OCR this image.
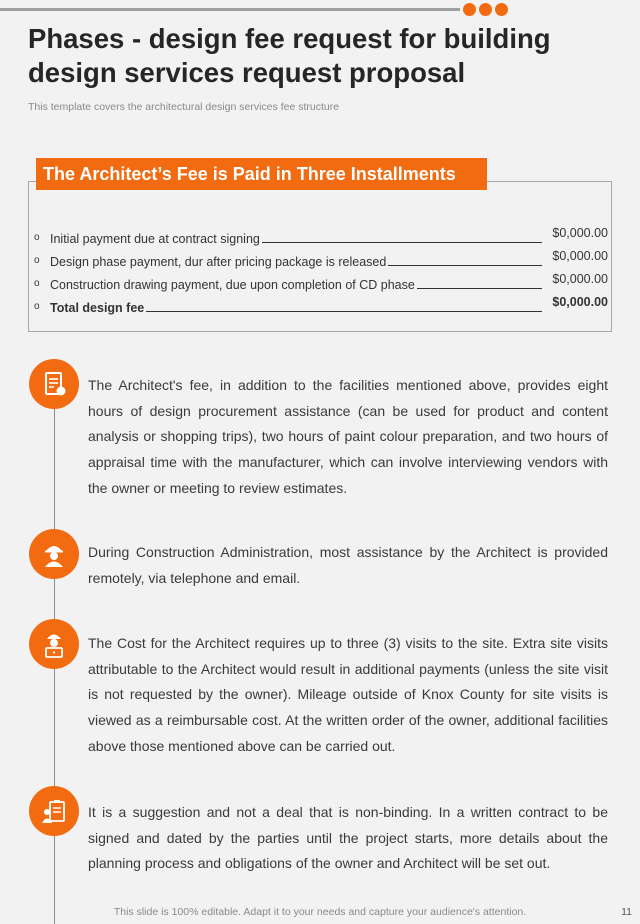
Phases - design fee request for building design services request proposal
This template covers the architectural design services fee structure
The Architect’s Fee is Paid in Three Installments
o Initial payment due at contract signing	$0,000.00
o Design phase payment, dur after pricing package is released	$0,000.00
o Construction drawing payment, due upon completion of CD phase	$0,000.00
o Total design fee	$0,000.00

The Architect's fee, in addition to the facilities mentioned above, provides eight hours of design procurement assistance (can be used for product and content analysis or shopping trips), two hours of paint colour preparation, and two hours of appraisal time with the manufacturer, which can involve interviewing vendors with the owner or meeting to review estimates.

During Construction Administration, most assistance by the Architect is provided remotely, via telephone and email.

The Cost for the Architect requires up to three (3) visits to the site. Extra site visits attributable to the Architect would result in additional payments (unless the site visit is not requested by the owner). Mileage outside of Knox County for site visits is viewed as a reimbursable cost. At the written order of the owner, additional facilities above those mentioned above can be carried out.

It is a suggestion and not a deal that is non-binding. In a written contract to be signed and dated by the parties until the project starts, more details about the planning process and obligations of the owner and Architect will be set out.

This slide is 100% editable. Adapt it to your needs and capture your audience's attention.	11
